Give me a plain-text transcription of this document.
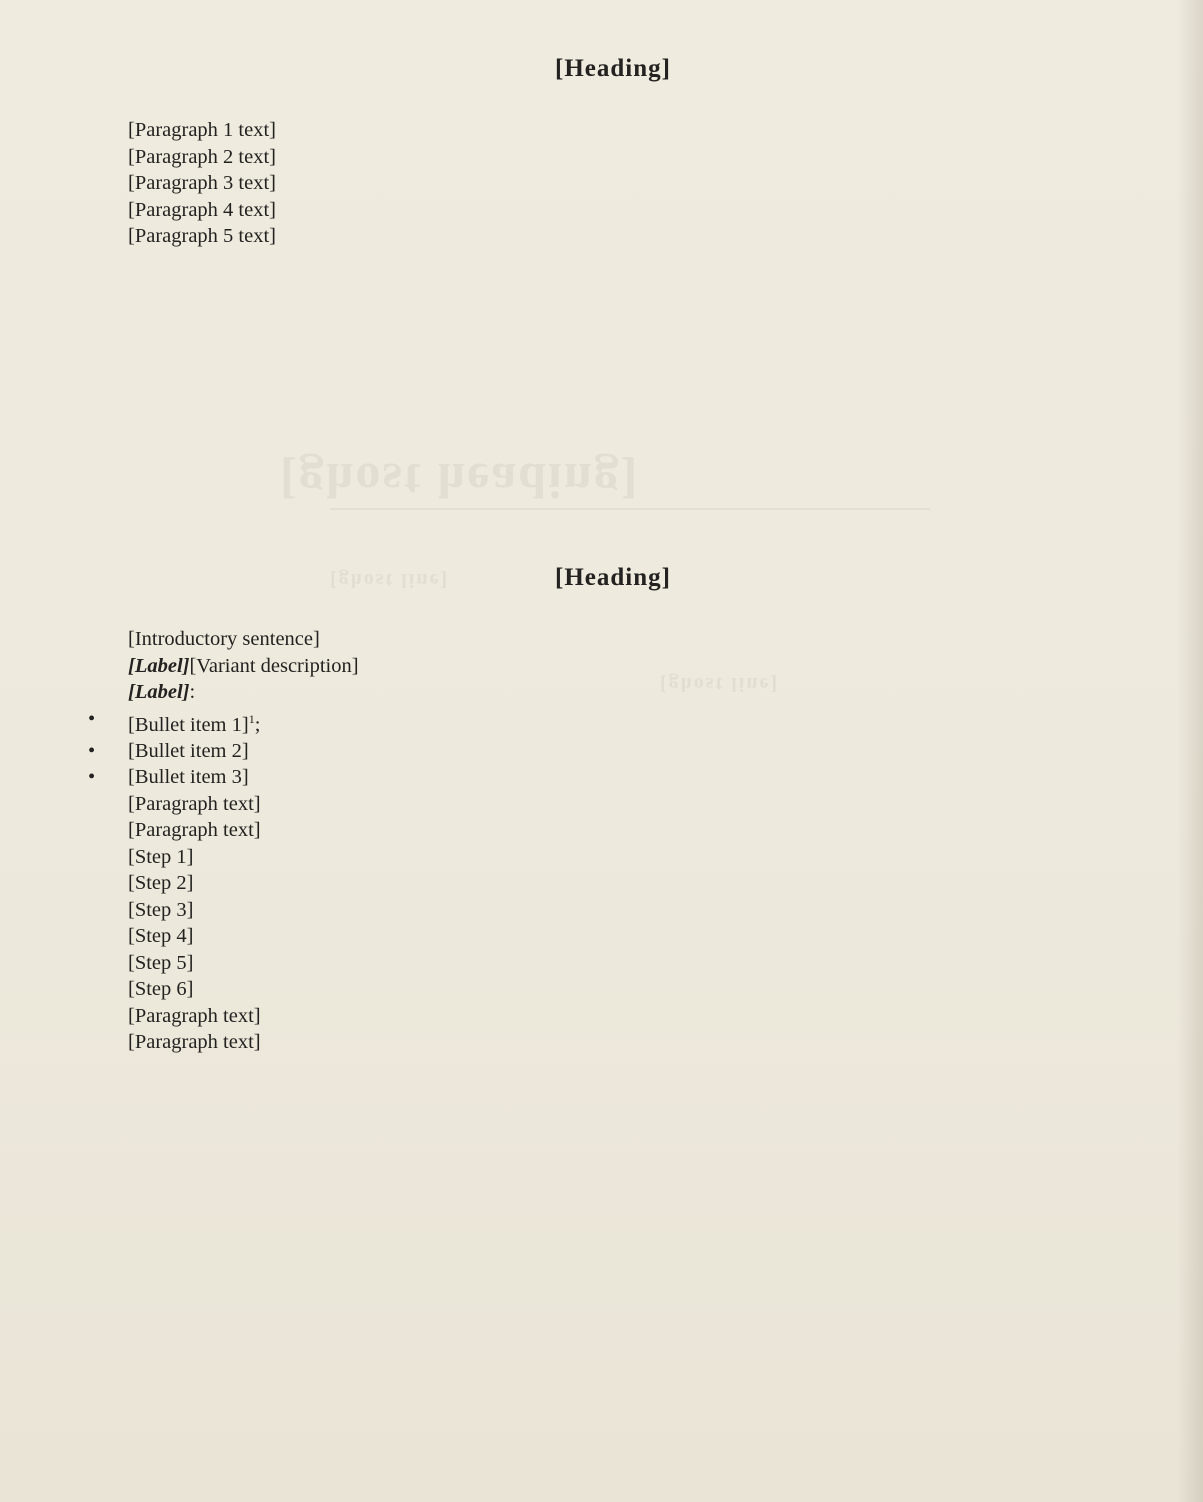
[ghost heading]
[ghost line]
[ghost line]
[Heading]

[Paragraph 1 text]

[Paragraph 2 text]

[Paragraph 3 text]

[Paragraph 4 text]

[Paragraph 5 text]

[Heading]

[Introductory sentence]

[Label][Variant description]

[Label]:

• [Bullet item 1]$^1$;
• [Bullet item 2]
• [Bullet item 3]

[Paragraph text]

[Paragraph text]

[Step 1]
[Step 2]
[Step 3]
[Step 4]
[Step 5]
[Step 6]

[Paragraph text]

[Paragraph text]
